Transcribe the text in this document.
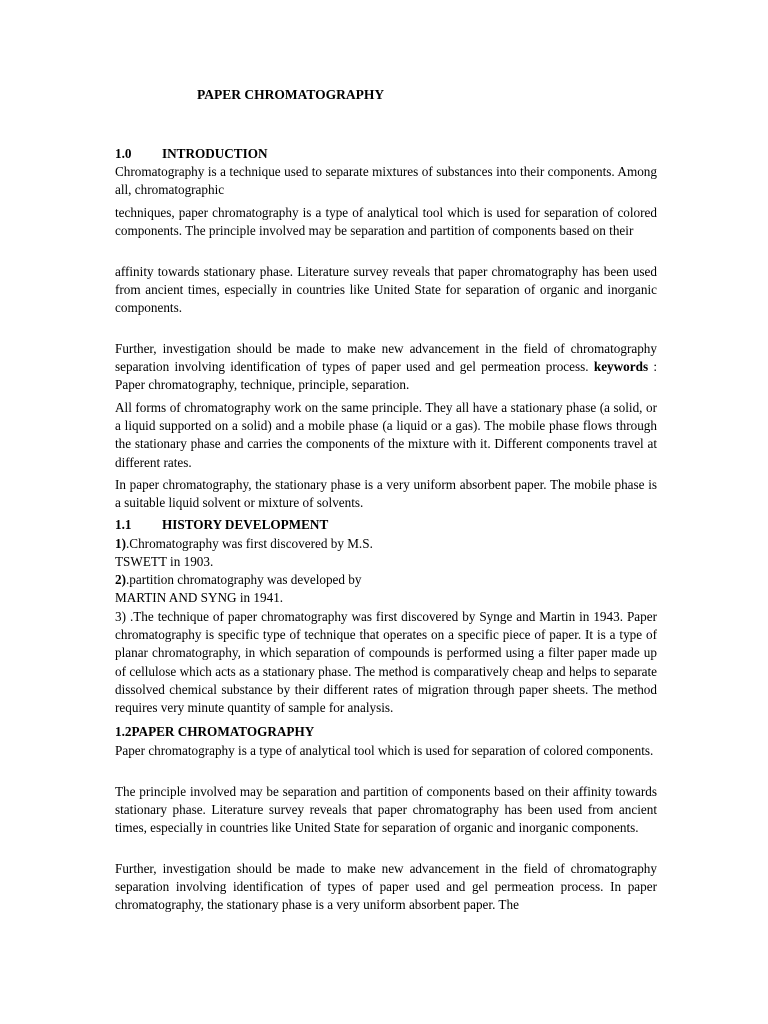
PAPER CHROMATOGRAPHY
1.0	INTRODUCTION

Chromatography is a technique used to separate mixtures of substances into their components. Among all, chromatographic

techniques, paper chromatography is a type of analytical tool which is used for separation of colored components. The principle involved may be separation and partition of components based on their

affinity towards stationary phase. Literature survey reveals that paper chromatography has been used from ancient times, especially in countries like United State for separation of organic and inorganic components.

Further, investigation should be made to make new advancement in the field of chromatography separation involving identification of types of paper used and gel permeation process. keywords : Paper chromatography, technique, principle, separation.

All forms of chromatography work on the same principle. They all have a stationary phase (a solid, or a liquid supported on a solid) and a mobile phase (a liquid or a gas). The mobile phase flows through the stationary phase and carries the components of the mixture with it. Different components travel at different rates.

In paper chromatography, the stationary phase is a very uniform absorbent paper. The mobile phase is a suitable liquid solvent or mixture of solvents.

1.1	HISTORY DEVELOPMENT
1).Chromatography was first discovered by M.S.
TSWETT in 1903.
2).partition chromatography was developed by
MARTIN AND SYNG in 1941.

3) .The technique of paper chromatography was first discovered by Synge and Martin in 1943. Paper chromatography is specific type of technique that operates on a specific piece of paper. It is a type of planar chromatography, in which separation of compounds is performed using a filter paper made up of cellulose which acts as a stationary phase. The method is comparatively cheap and helps to separate dissolved chemical substance by their different rates of migration through paper sheets. The method requires very minute quantity of sample for analysis.

1.2 PAPER CHROMATOGRAPHY

Paper chromatography is a type of analytical tool which is used for separation of colored components.

The principle involved may be separation and partition of components based on their affinity towards stationary phase. Literature survey reveals that paper chromatography has been used from ancient times, especially in countries like United State for separation of organic and inorganic components.

Further, investigation should be made to make new advancement in the field of chromatography separation involving identification of types of paper used and gel permeation process. In paper chromatography, the stationary phase is a very uniform absorbent paper. The
